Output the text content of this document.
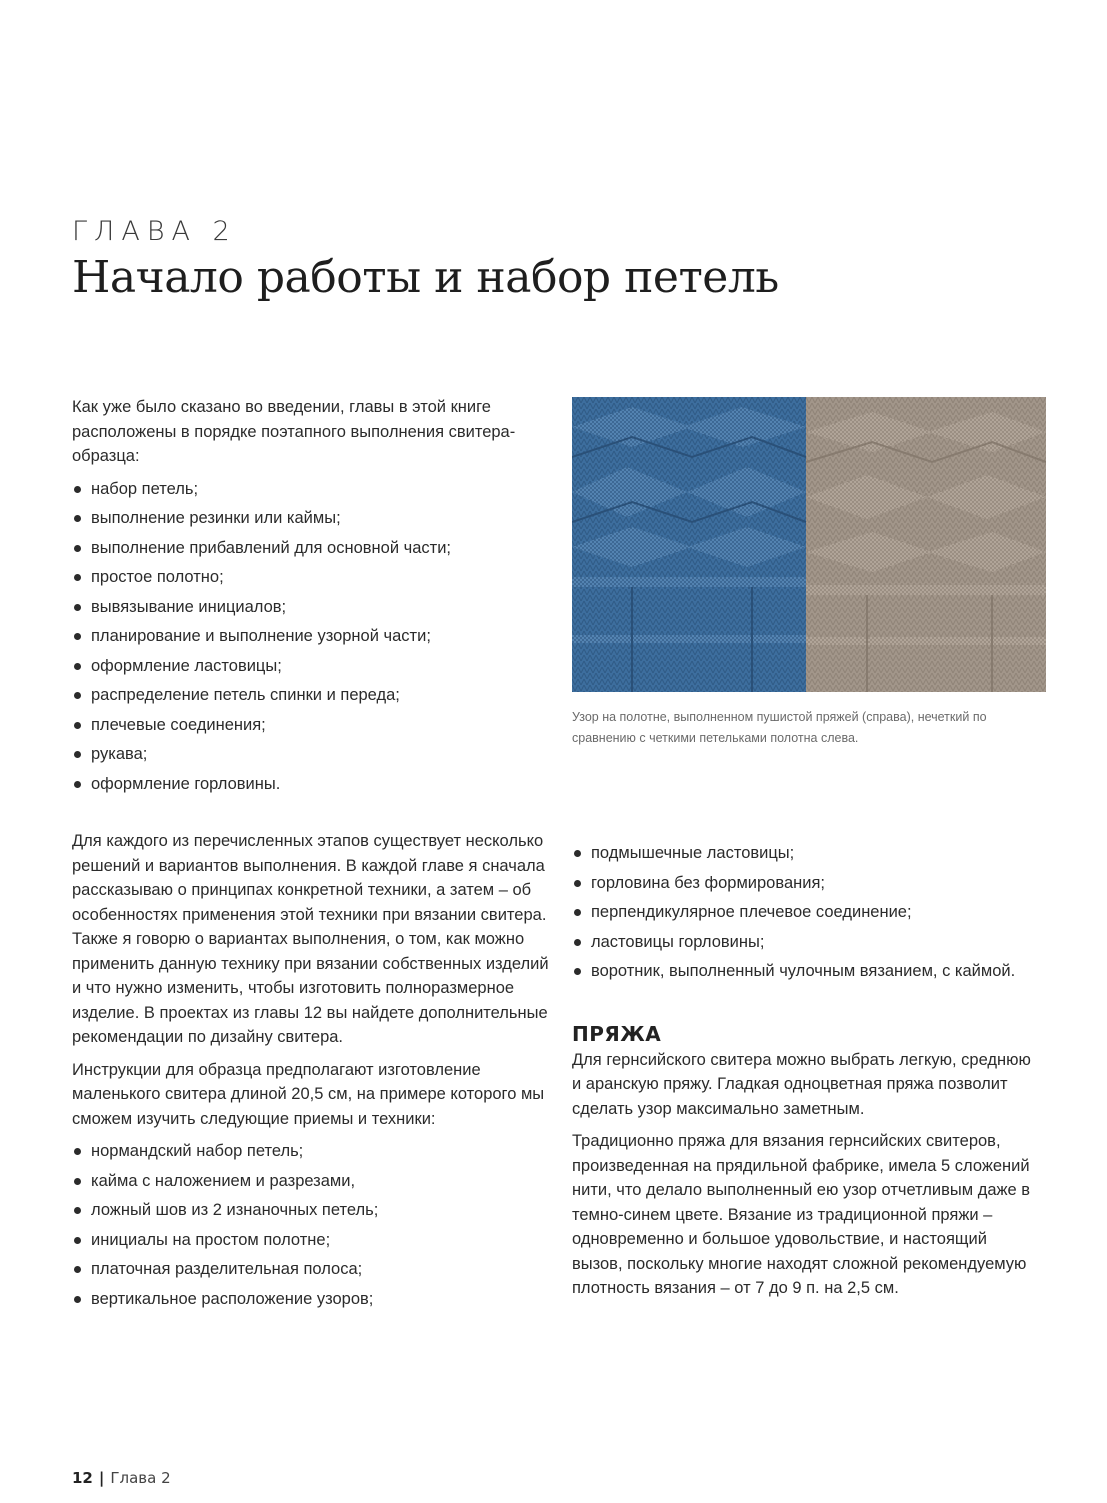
ГЛАВА 2
Начало работы и набор петель

Как уже было сказано во введении, главы в этой книге расположены в порядке поэтапного выполнения свитера-образца:

набор петель;
выполнение резинки или каймы;
выполнение прибавлений для основной части;
простое полотно;
вывязывание инициалов;
планирование и выполнение узорной части;
оформление ластовицы;
распределение петель спинки и переда;
плечевые соединения;
рукава;
оформление горловины.
Узор на полотне, выполненном пушистой пряжей (справа), нечеткий по сравнению с четкими петельками полотна слева.

Для каждого из перечисленных этапов существует несколько решений и вариантов выполнения. В каждой главе я сначала рассказываю о принципах конкретной техники, а затем – об особенностях применения этой техники при вязании свитера. Также я говорю о вариантах выполнения, о том, как можно применить данную технику при вязании собственных изделий и что нужно изменить, чтобы изготовить полноразмерное изделие. В проектах из главы 12 вы найдете дополнительные рекомендации по дизайну свитера.

Инструкции для образца предполагают изготовление маленького свитера длиной 20,5 см, на примере которого мы сможем изучить следующие приемы и техники:

нормандский набор петель;
кайма с наложением и разрезами,
ложный шов из 2 изнаночных петель;
инициалы на простом полотне;
платочная разделительная полоса;
вертикальное расположение узоров;
подмышечные ластовицы;
горловина без формирования;
перпендикулярное плечевое соединение;
ластовицы горловины;
воротник, выполненный чулочным вязанием, с каймой.
ПРЯЖА

Для гернсийского свитера можно выбрать легкую, среднюю и аранскую пряжу. Гладкая одноцветная пряжа позволит сделать узор максимально заметным.

Традиционно пряжа для вязания гернсийских свитеров, произведенная на прядильной фабрике, имела 5 сложений нити, что делало выполненный ею узор отчетливым даже в темно-синем цвете. Вязание из традиционной пряжи – одновременно и большое удовольствие, и настоящий вызов, поскольку многие находят сложной рекомендуемую плотность вязания – от 7 до 9 п. на 2,5 см.

12 | Глава 2
